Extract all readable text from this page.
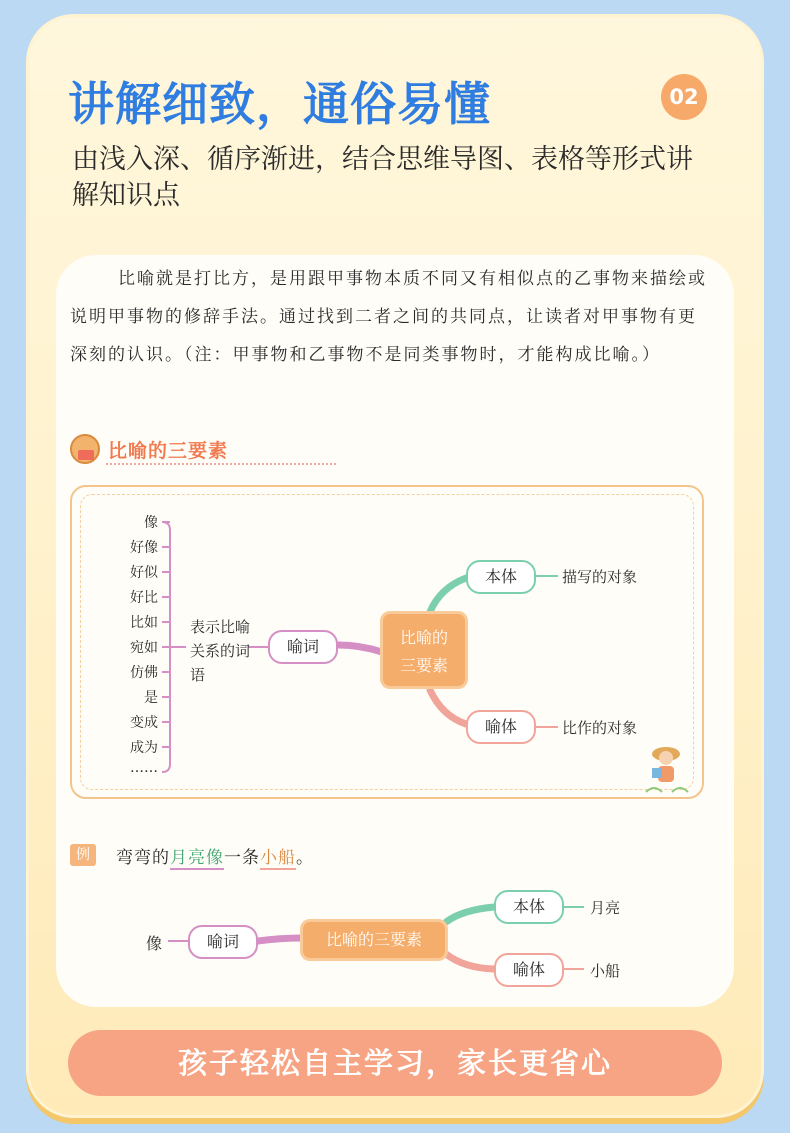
讲解细致，通俗易懂	02
由浅入深、循序渐进，结合思维导图、表格等形式讲解知识点

比喻就是打比方，是用跟甲事物本质不同又有相似点的乙事物来描绘或说明甲事物的修辞手法。通过找到二者之间的共同点，让读者对甲事物有更深刻的认识。（注：甲事物和乙事物不是同类事物时，才能构成比喻。）

比喻的三要素
像
好像
好似
好比
比如
宛如
仿佛
是
变成
成为
……
表示比喻关系的词语
喻词	比喻的
三要素
本体	描写的对象
喻体	比作的对象
例	弯弯的月亮像一条小船。
像	喻词	比喻的三要素
本体	月亮
喻体	小船
孩子轻松自主学习，家长更省心
